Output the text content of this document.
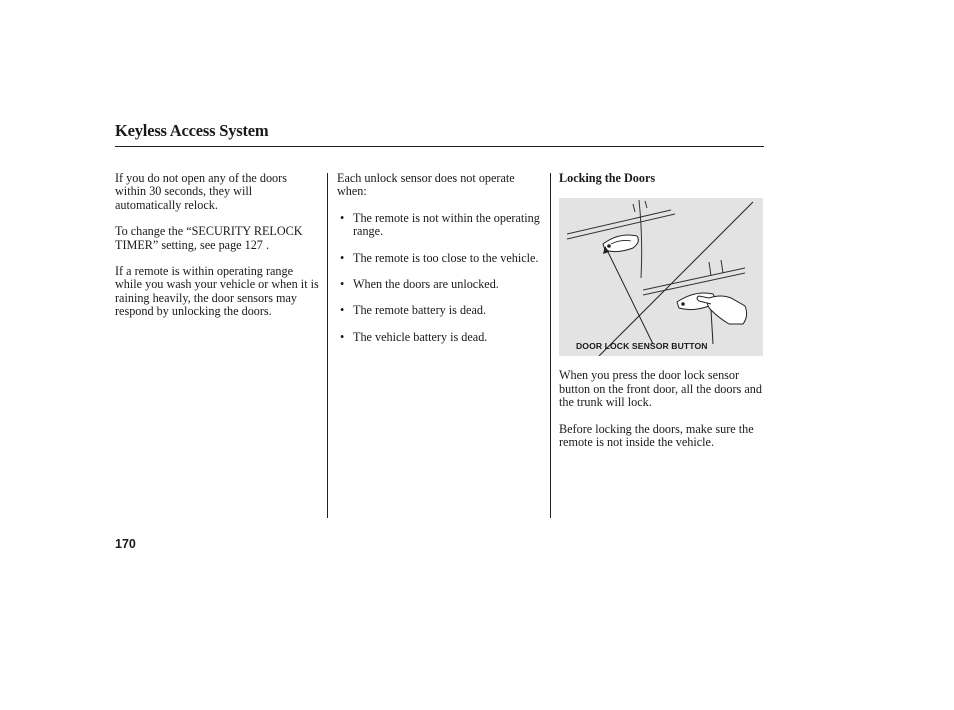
Keyless Access System

If you do not open any of the doors within 30 seconds, they will automatically relock.

To change the “SECURITY RELOCK TIMER” setting, see page 127 .

If a remote is within operating range while you wash your vehicle or when it is raining heavily, the door sensors may respond by unlocking the doors.

Each unlock sensor does not operate when:

• The remote is not within the operating range.
• The remote is too close to the vehicle.
• When the doors are unlocked.
• The remote battery is dead.
• The vehicle battery is dead.

Locking the Doors

DOOR LOCK SENSOR BUTTON

When you press the door lock sensor button on the front door, all the doors and the trunk will lock.

Before locking the doors, make sure the remote is not inside the vehicle.

170
